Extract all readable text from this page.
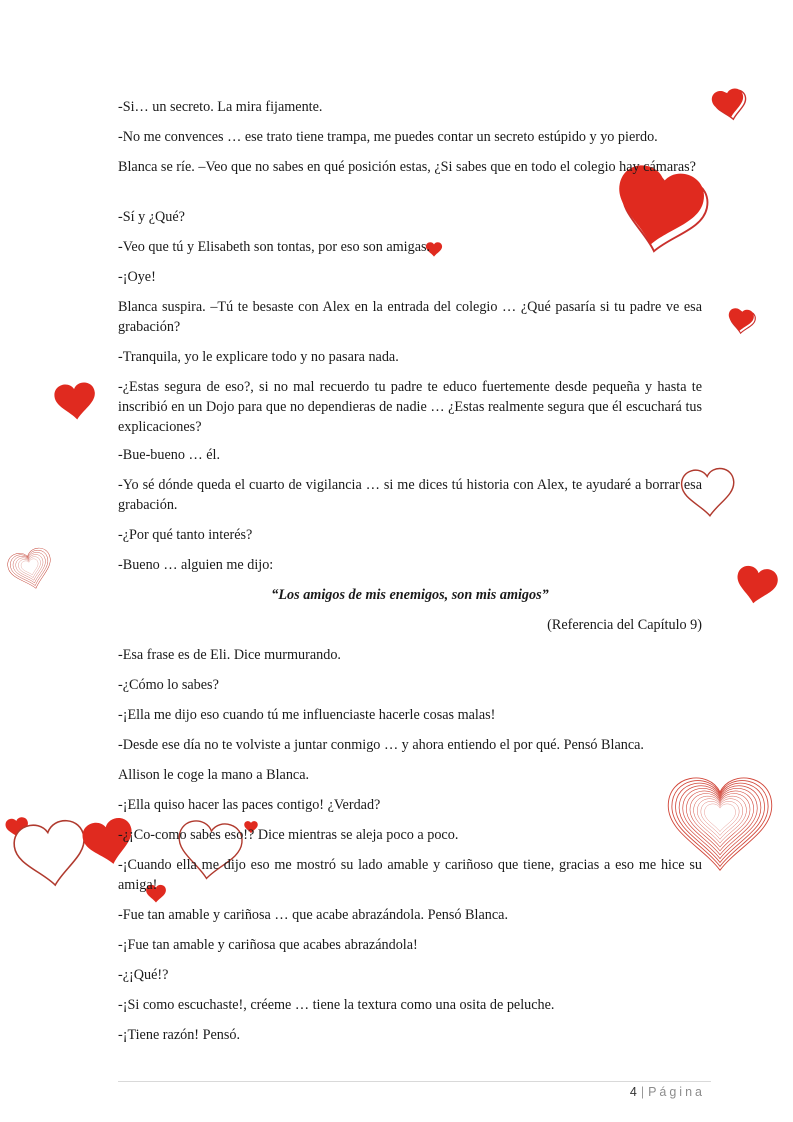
-Si… un secreto. La mira fijamente.

-No me convences … ese trato tiene trampa, me puedes contar un secreto estúpido y yo pierdo.

Blanca se ríe. –Veo que no sabes en qué posición estas, ¿Si sabes que en todo el colegio hay cámaras?

-Sí y ¿Qué?

-Veo que tú y Elisabeth son tontas, por eso son amigas.

-¡Oye!

Blanca suspira. –Tú te besaste con Alex en la entrada del colegio … ¿Qué pasaría si tu padre ve esa grabación?

-Tranquila, yo le explicare todo y no pasara nada.

-¿Estas segura de eso?, si no mal recuerdo tu padre te educo fuertemente desde pequeña y hasta te inscribió en un Dojo para que no dependieras de nadie … ¿Estas realmente segura que él escuchará tus explicaciones?

-Bue-bueno … él.

-Yo sé dónde queda el cuarto de vigilancia … si me dices tú historia con Alex, te ayudaré a borrar esa grabación.

-¿Por qué tanto interés?

-Bueno … alguien me dijo:

“Los amigos de mis enemigos, son mis amigos”

(Referencia del Capítulo 9)

-Esa frase es de Eli. Dice murmurando.

-¿Cómo lo sabes?

-¡Ella me dijo eso cuando tú me influenciaste hacerle cosas malas!

-Desde ese día no te volviste a juntar conmigo … y ahora entiendo el por qué. Pensó Blanca.

Allison le coge la mano a Blanca.

-¡Ella quiso hacer las paces contigo! ¿Verdad?

-¿¡Co-como sabes eso!? Dice mientras se aleja poco a poco.

-¡Cuando ella me dijo eso me mostró su lado amable y cariñoso que tiene, gracias a eso me hice su amiga!

-Fue tan amable y cariñosa … que acabe abrazándola. Pensó Blanca.

-¡Fue tan amable y cariñosa que acabes abrazándola!

-¿¡Qué!?

-¡Si como escuchaste!, créeme … tiene la textura como una osita de peluche.

-¡Tiene razón! Pensó.

4 | Página
